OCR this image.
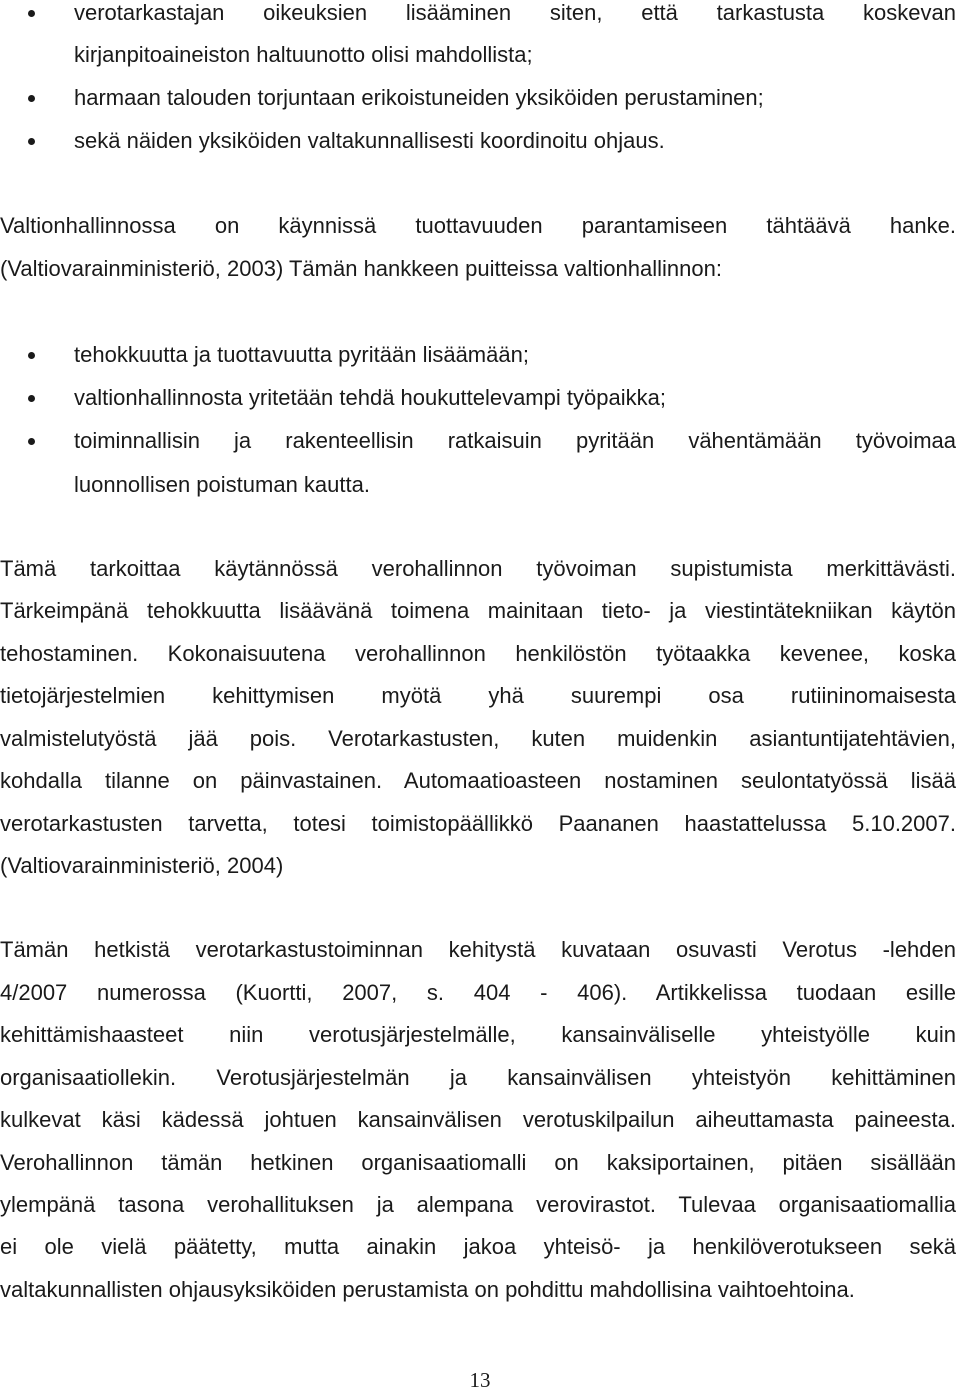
verotarkastajan oikeuksien lisääminen siten, että tarkastusta koskevan
kirjanpitoaineiston haltuunotto olisi mahdollista;
harmaan talouden torjuntaan erikoistuneiden yksiköiden perustaminen;
sekä näiden yksiköiden valtakunnallisesti koordinoitu ohjaus.
Valtionhallinnossa on käynnissä tuottavuuden parantamiseen tähtäävä hanke.
(Valtiovarainministeriö, 2003) Tämän hankkeen puitteissa valtionhallinnon:
tehokkuutta ja tuottavuutta pyritään lisäämään;
valtionhallinnosta yritetään tehdä houkuttelevampi työpaikka;
toiminnallisin ja rakenteellisin ratkaisuin pyritään vähentämään työvoimaa
luonnollisen poistuman kautta.
Tämä tarkoittaa käytännössä verohallinnon työvoiman supistumista merkittävästi.
Tärkeimpänä tehokkuutta lisäävänä toimena mainitaan tieto- ja viestintätekniikan käytön
tehostaminen. Kokonaisuutena verohallinnon henkilöstön työtaakka kevenee, koska
tietojärjestelmien kehittymisen myötä yhä suurempi osa rutiininomaisesta
valmistelutyöstä jää pois. Verotarkastusten, kuten muidenkin asiantuntijatehtävien,
kohdalla tilanne on päinvastainen. Automaatioasteen nostaminen seulontatyössä lisää
verotarkastusten tarvetta, totesi toimistopäällikkö Paananen haastattelussa 5.10.2007.
(Valtiovarainministeriö, 2004)
Tämän hetkistä verotarkastustoiminnan kehitystä kuvataan osuvasti Verotus -lehden
4/2007 numerossa (Kuortti, 2007, s. 404 - 406). Artikkelissa tuodaan esille
kehittämishaasteet niin verotusjärjestelmälle, kansainväliselle yhteistyölle kuin
organisaatiollekin. Verotusjärjestelmän ja kansainvälisen yhteistyön kehittäminen
kulkevat käsi kädessä johtuen kansainvälisen verotuskilpailun aiheuttamasta paineesta.
Verohallinnon tämän hetkinen organisaatiomalli on kaksiportainen, pitäen sisällään
ylempänä tasona verohallituksen ja alempana verovirastot. Tulevaa organisaatiomallia
ei ole vielä päätetty, mutta ainakin jakoa yhteisö- ja henkilöverotukseen sekä
valtakunnallisten ohjausyksiköiden perustamista on pohdittu mahdollisina vaihtoehtoina.
13
